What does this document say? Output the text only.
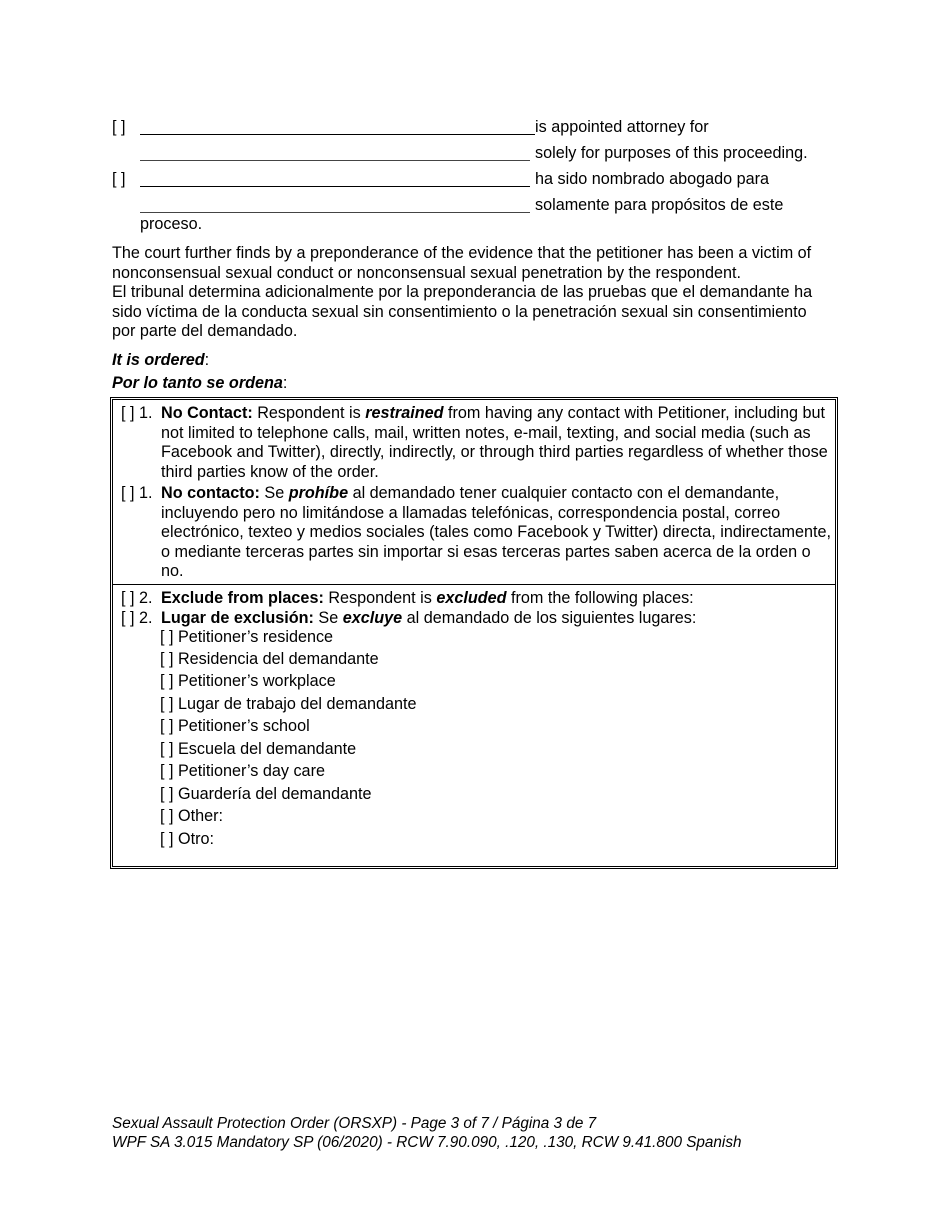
[ ]	is appointed attorney for
solely for purposes of this proceeding.
[ ]	ha sido nombrado abogado para
solamente para propósitos de este
proceso.

The court further finds by a preponderance of the evidence that the petitioner has been a victim of nonconsensual sexual conduct or nonconsensual sexual penetration by the respondent.

El tribunal determina adicionalmente por la preponderancia de las pruebas que el demandante ha sido víctima de la conducta sexual sin consentimiento o la penetración sexual sin consentimiento por parte del demandado.

It is ordered:

Por lo tanto se ordena:

[ ] 1. No Contact: Respondent is restrained from having any contact with Petitioner, including but not limited to telephone calls, mail, written notes, e-mail, texting, and social media (such as Facebook and Twitter), directly, indirectly, or through third parties regardless of whether those third parties know of the order.
[ ] 1. No contacto: Se prohíbe al demandado tener cualquier contacto con el demandante, incluyendo pero no limitándose a llamadas telefónicas, correspondencia postal, correo electrónico, texteo y medios sociales (tales como Facebook y Twitter) directa, indirectamente, o mediante terceras partes sin importar si esas terceras partes saben acerca de la orden o no.
[ ] 2. Exclude from places: Respondent is excluded from the following places:
[ ] 2. Lugar de exclusión: Se excluye al demandado de los siguientes lugares:
[ ] Petitioner’s residence
[ ] Residencia del demandante
[ ] Petitioner’s workplace
[ ] Lugar de trabajo del demandante
[ ] Petitioner’s school
[ ] Escuela del demandante
[ ] Petitioner’s day care
[ ] Guardería del demandante
[ ] Other:
[ ] Otro:
Sexual Assault Protection Order (ORSXP) - Page 3 of 7 / Página 3 de 7
WPF SA 3.015 Mandatory SP (06/2020) - RCW 7.90.090, .120, .130, RCW 9.41.800 Spanish
